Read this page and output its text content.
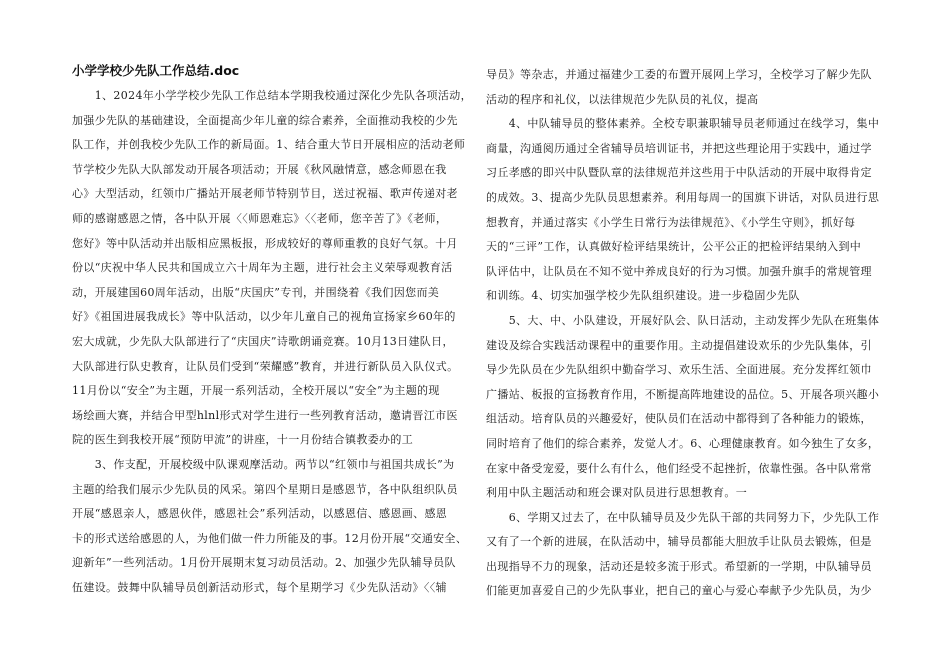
小学学校少先队工作总结.doc
　　1、2024年小学学校少先队工作总结本学期我校通过深化少先队各项活动，
加强少先队的基础建设，全面提高少年儿童的综合素养，全面推动我校的少先
队工作，并创我校少先队工作的新局面。1、结合重大节日开展相应的活动老师
节学校少先队大队部发动开展各项活动；开展《秋风融情意，感念师恩在我
心》大型活动，红领巾广播站开展老师节特别节目，送过祝福、歌声传递对老
师的感谢感恩之情，各中队开展〈〈师恩难忘》〈〈老师，您辛苦了》《老师，
您好》等中队活动并出版相应黑板报，形成较好的尊师重教的良好气氛。十月
份以“庆祝中华人民共和国成立六十周年为主题，进行社会主义荣辱观教育活
动，开展建国60周年活动，出版“庆国庆”专刊，并围绕着《我们因您而美
好》《祖国进展我成长》等中队活动，以少年儿童自己的视角宣扬家乡60年的
宏大成就，少先队大队部进行了“庆国庆”诗歌朗诵竞赛。10月13日建队日，
大队部进行队史教育，让队员们受到“荣耀感”教育，并进行新队员入队仪式。
11月份以“安全”为主题，开展一系列活动，全校开展以“安全”为主题的现
场绘画大赛，并结合甲型hlnl形式对学生进行一些列教育活动，邀请晋江市医
院的医生到我校开展“预防甲流”的讲座，十一月份结合镇教委办的工
　　3、作支配，开展校级中队课观摩活动。两节以“红领巾与祖国共成长”为
主题的给我们展示少先队员的风采。第四个星期日是感恩节，各中队组织队员
开展“感恩亲人，感恩伙伴，感恩社会”系列活动，以感恩信、感恩画、感恩
卡的形式送给感恩的人，为他们做一件力所能及的事。12月份开展“交通安全、
迎新年”一些列活动。1月份开展期末复习动员活动。2、加强少先队辅导员队
伍建设。鼓舞中队辅导员创新活动形式，每个星期学习《少先队活动》〈〈辅
导员》等杂志，并通过福建少工委的布置开展网上学习，全校学习了解少先队
活动的程序和礼仪，以法律规范少先队员的礼仪，提高
　　4、中队辅导员的整体素养。全校专职兼职辅导员老师通过在线学习，集中
商量，沟通阅历通过全省辅导员培训证书，并把这些理论用于实践中，通过学
习丘孝感的即兴中队暨队章的法律规范并这些用于中队活动的开展中取得肯定
的成效。3、提高少先队员思想素养。利用每周一的国旗下讲话，对队员进行思
想教育，并通过落实《小学生日常行为法律规范》、《小学生守则》，抓好每
天的“三评”工作，认真做好检评结果统计，公平公正的把检评结果纳入到中
队评估中，让队员在不知不觉中养成良好的行为习惯。加强升旗手的常规管理
和训练。4、切实加强学校少先队组织建设。进一步稳固少先队
　　5、大、中、小队建设，开展好队会、队日活动，主动发挥少先队在班集体
建设及综合实践活动课程中的重要作用。主动提倡建设欢乐的少先队集体，引
导少先队员在少先队组织中勤奋学习、欢乐生活、全面进展。充分发挥红领巾
广播站、板报的宣扬教育作用，不断提高阵地建设的品位。5、开展各项兴趣小
组活动。培育队员的兴趣爱好，使队员们在活动中都得到了各种能力的锻炼，
同时培育了他们的综合素养，发觉人才。6、心理健康教育。如今独生了女多，
在家中备受宠爱，要什么有什么，他们经受不起挫折，依靠性强。各中队常常
利用中队主题活动和班会课对队员进行思想教育。一
　　6、学期又过去了，在中队辅导员及少先队干部的共同努力下，少先队工作
又有了一个新的进展，在队活动中，辅导员都能大胆放手让队员去锻炼，但是
出现指导不力的现象，活动还是较多流于形式。希望新的一学期，中队辅导员
们能更加喜爱自己的少先队事业，把自己的童心与爱心奉献予少先队员，为少
